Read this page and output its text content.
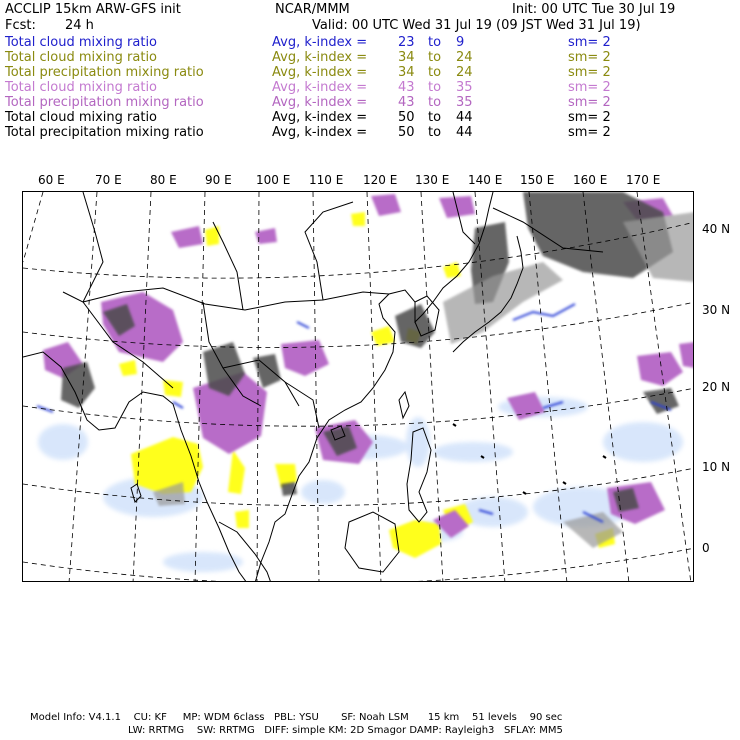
ACCLIP 15km ARW-GFS init	NCAR/MMM	Init: 00 UTC Tue 30 Jul 19
Fcst: 24 h	Valid: 00 UTC Wed 31 Jul 19 (09 JST Wed 31 Jul 19)
Total cloud mixing ratio	Avg, k-index = 23 to 9	sm= 2
Total cloud mixing ratio	Avg, k-index = 34 to 24	sm= 2
Total precipitation mixing ratio	Avg, k-index = 34 to 24	sm= 2
Total cloud mixing ratio	Avg, k-index = 43 to 35	sm= 2
Total precipitation mixing ratio	Avg, k-index = 43 to 35	sm= 2
Total cloud mixing ratio	Avg, k-index = 50 to 44	sm= 2
Total precipitation mixing ratio	Avg, k-index = 50 to 44	sm= 2
60 E	70 E 80 E 90 E 100 E 110 E 120 E 130 E 140 E 150 E 160 E 170 E
40 N
30 N
20 N
10 N
0
Model Info: V4.1.1    CU: KF     MP: WDM 6class   PBL: YSU       SF: Noah LSM      15 km    51 levels    90 sec
LW: RRTMG    SW: RRTMG   DIFF: simple KM: 2D Smagor DAMP: Rayleigh3   SFLAY: MM5
